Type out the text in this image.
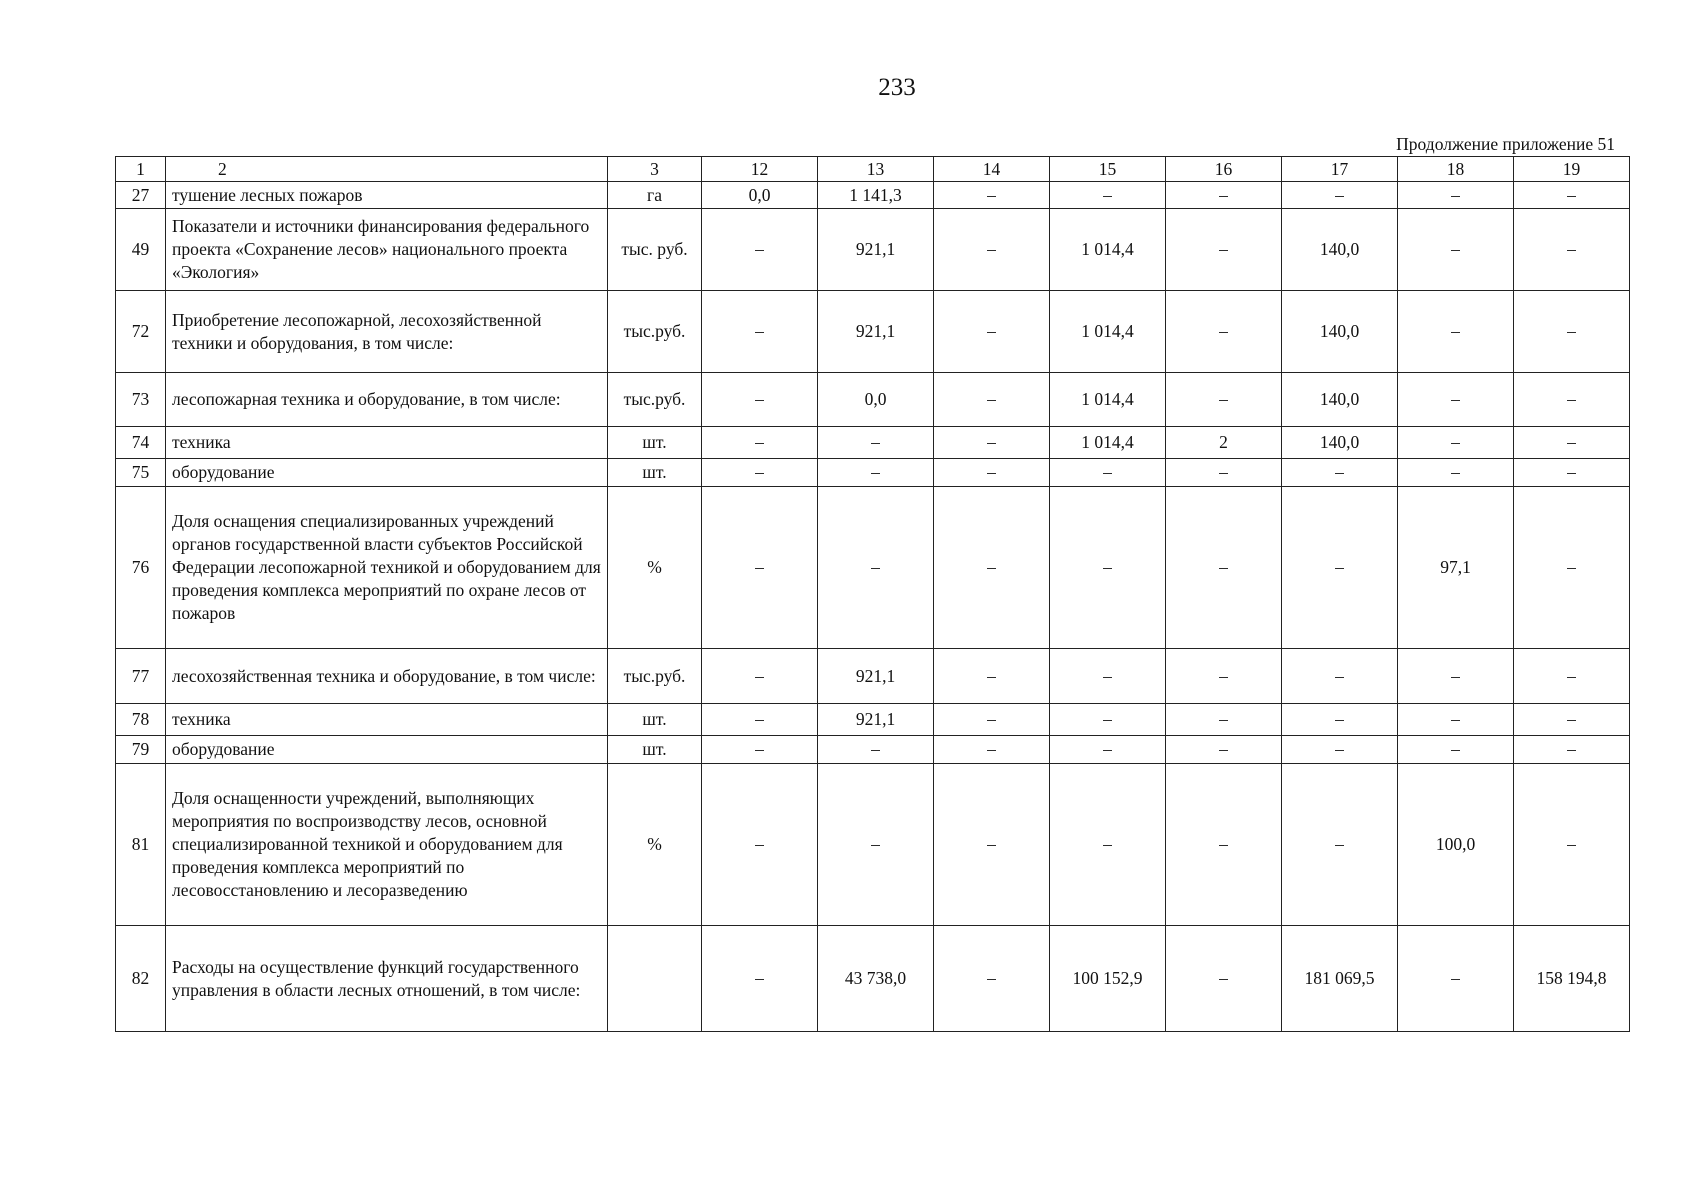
233
Продолжение приложение 51
1	2	3	12	13	14	15	16	17	18	19
27	тушение лесных пожаров	га	0,0	1 141,3	–	–	–	–	–	–
49	Показатели и источники финансирования федерального проекта «Сохранение лесов» национального проекта «Экология»	тыс. руб.	–	921,1	–	1 014,4	–	140,0	–	–
72	Приобретение лесопожарной, лесохозяйственной техники и оборудования, в том числе:	тыс.руб.	–	921,1	–	1 014,4	–	140,0	–	–
73	лесопожарная техника и оборудование, в том числе:	тыс.руб.	–	0,0	–	1 014,4	–	140,0	–	–
74	техника	шт.	–	–	–	1 014,4	2	140,0	–	–
75	оборудование	шт.	–	–	–	–	–	–	–	–
76	Доля оснащения специализированных учреждений органов государственной власти субъектов Российской Федерации лесопожарной техникой и оборудованием для проведения комплекса мероприятий по охране лесов от пожаров	%	–	–	–	–	–	–	97,1	–
77	лесохозяйственная техника и оборудование, в том числе:	тыс.руб.	–	921,1	–	–	–	–	–	–
78	техника	шт.	–	921,1	–	–	–	–	–	–
79	оборудование	шт.	–	–	–	–	–	–	–	–
81	Доля оснащенности учреждений, выполняющих мероприятия по воспроизводству лесов, основной специализированной техникой и оборудованием для проведения комплекса мероприятий по лесовосстановлению и лесоразведению	%	–	–	–	–	–	–	100,0	–
82	Расходы на осуществление функций государственного управления в области лесных отношений, в том числе:		–	43 738,0	–	100 152,9	–	181 069,5	–	158 194,8
